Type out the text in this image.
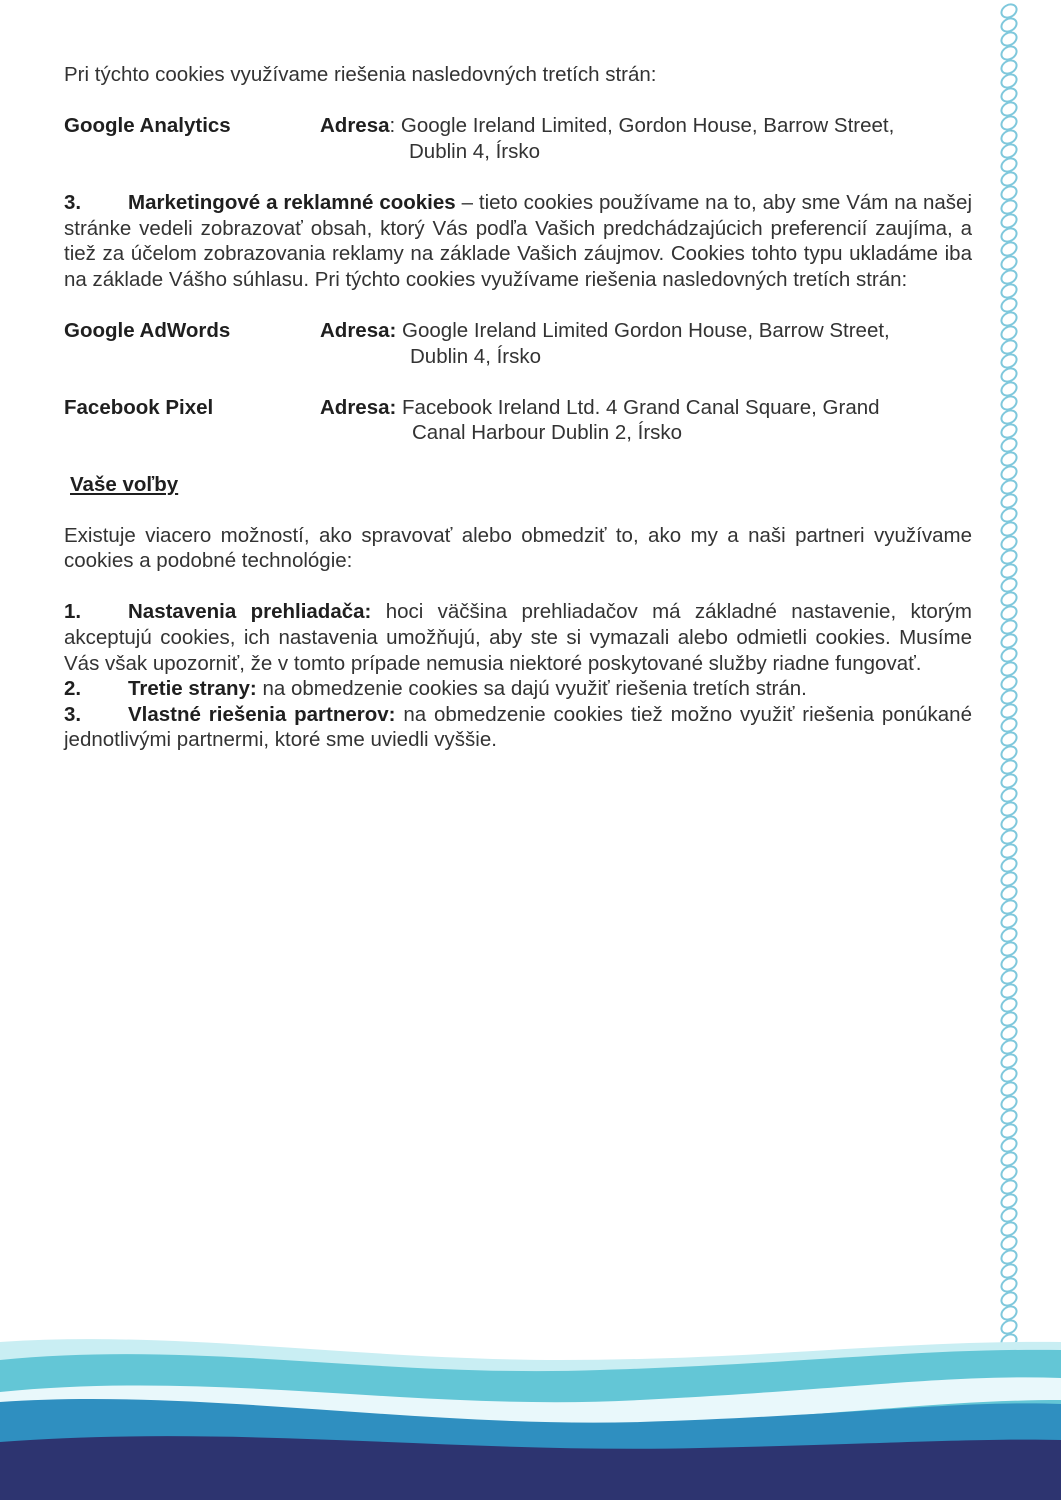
Pri týchto cookies využívame riešenia nasledovných tretích strán:

Google Analytics	Adresa: Google Ireland Limited, Gordon House, Barrow Street,
Dublin 4, Írsko

3. Marketingové a reklamné cookies – tieto cookies používame na to, aby sme Vám na našej stránke vedeli zobrazovať obsah, ktorý Vás podľa Vašich predchádzajúcich preferencií zaujíma, a tiež za účelom zobrazovania reklamy na základe Vašich záujmov. Cookies tohto typu ukladáme iba na základe Vášho súhlasu. Pri týchto cookies využívame riešenia nasledovných tretích strán:

Google AdWords	Adresa: Google Ireland Limited Gordon House, Barrow Street,
Dublin 4, Írsko
Facebook Pixel	Adresa: Facebook Ireland Ltd. 4 Grand Canal Square, Grand
Canal Harbour Dublin 2, Írsko

Vaše voľby

Existuje viacero možností, ako spravovať alebo obmedziť to, ako my a naši partneri využívame    cookies a podobné technológie:

1. Nastavenia prehliadača: hoci väčšina prehliadačov má základné nastavenie, ktorým akceptujú cookies, ich nastavenia umožňujú, aby ste si vymazali alebo odmietli cookies. Musíme Vás však upozorniť, že v tomto prípade nemusia niektoré poskytované služby riadne fungovať.

2. Tretie strany: na obmedzenie cookies sa dajú využiť riešenia tretích strán.

3. Vlastné riešenia partnerov: na obmedzenie cookies tiež možno využiť riešenia ponúkané jednotlivými partnermi, ktoré sme uviedli vyššie.
